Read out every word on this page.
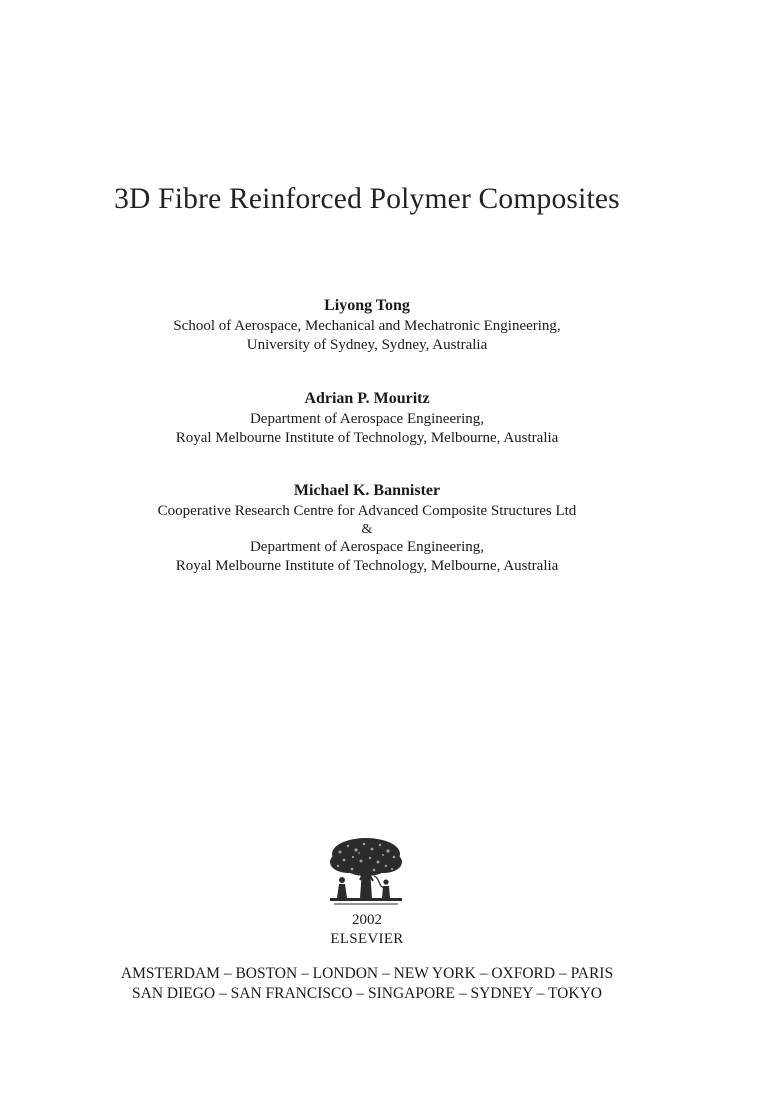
3D Fibre Reinforced Polymer Composites
Liyong Tong
School of Aerospace, Mechanical and Mechatronic Engineering,
University of Sydney, Sydney, Australia
Adrian P. Mouritz
Department of Aerospace Engineering,
Royal Melbourne Institute of Technology, Melbourne, Australia
Michael K. Bannister
Cooperative Research Centre for Advanced Composite Structures Ltd
&
Department of Aerospace Engineering,
Royal Melbourne Institute of Technology, Melbourne, Australia
2002
ELSEVIER
AMSTERDAM – BOSTON – LONDON – NEW YORK – OXFORD – PARIS
SAN DIEGO – SAN FRANCISCO – SINGAPORE – SYDNEY – TOKYO
